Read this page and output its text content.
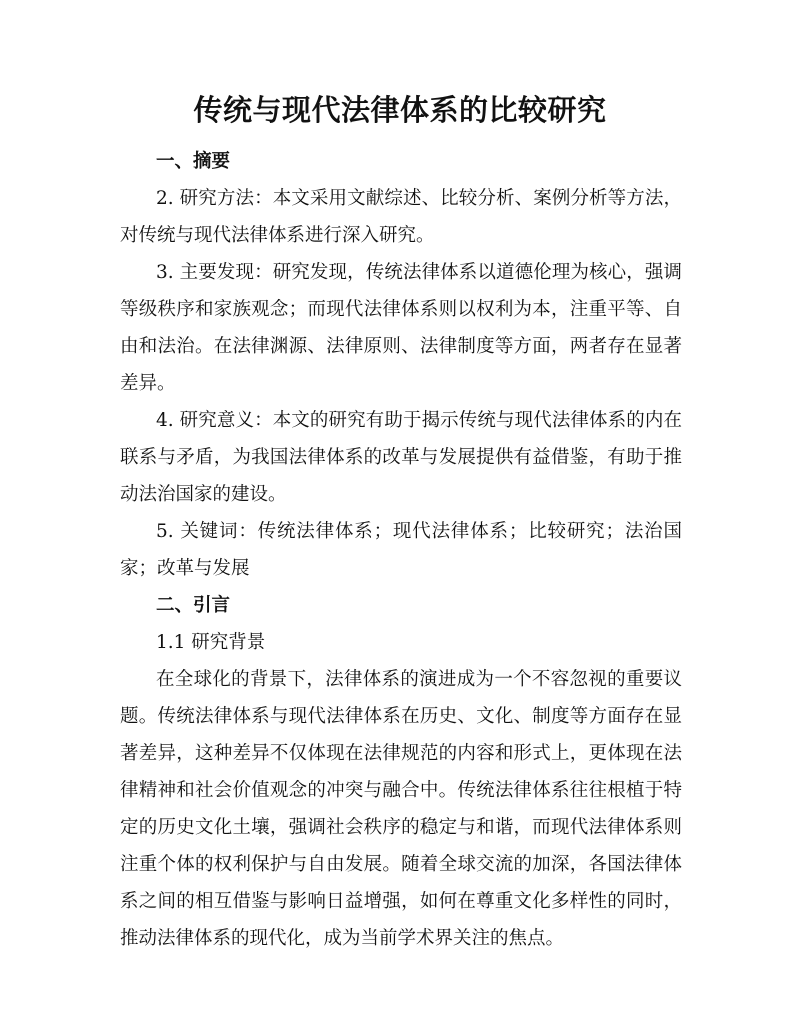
传统与现代法律体系的比较研究
一、摘要

2. 研究方法：本文采用文献综述、比较分析、案例分析等方法，对传统与现代法律体系进行深入研究。

3. 主要发现：研究发现，传统法律体系以道德伦理为核心，强调等级秩序和家族观念；而现代法律体系则以权利为本，注重平等、自由和法治。在法律渊源、法律原则、法律制度等方面，两者存在显著差异。

4. 研究意义：本文的研究有助于揭示传统与现代法律体系的内在联系与矛盾，为我国法律体系的改革与发展提供有益借鉴，有助于推动法治国家的建设。

5. 关键词：传统法律体系；现代法律体系；比较研究；法治国家；改革与发展

二、引言

1.1 研究背景

在全球化的背景下，法律体系的演进成为一个不容忽视的重要议题。传统法律体系与现代法律体系在历史、文化、制度等方面存在显著差异，这种差异不仅体现在法律规范的内容和形式上，更体现在法律精神和社会价值观念的冲突与融合中。传统法律体系往往根植于特定的历史文化土壤，强调社会秩序的稳定与和谐，而现代法律体系则注重个体的权利保护与自由发展。随着全球交流的加深，各国法律体系之间的相互借鉴与影响日益增强，如何在尊重文化多样性的同时，推动法律体系的现代化，成为当前学术界关注的焦点。
